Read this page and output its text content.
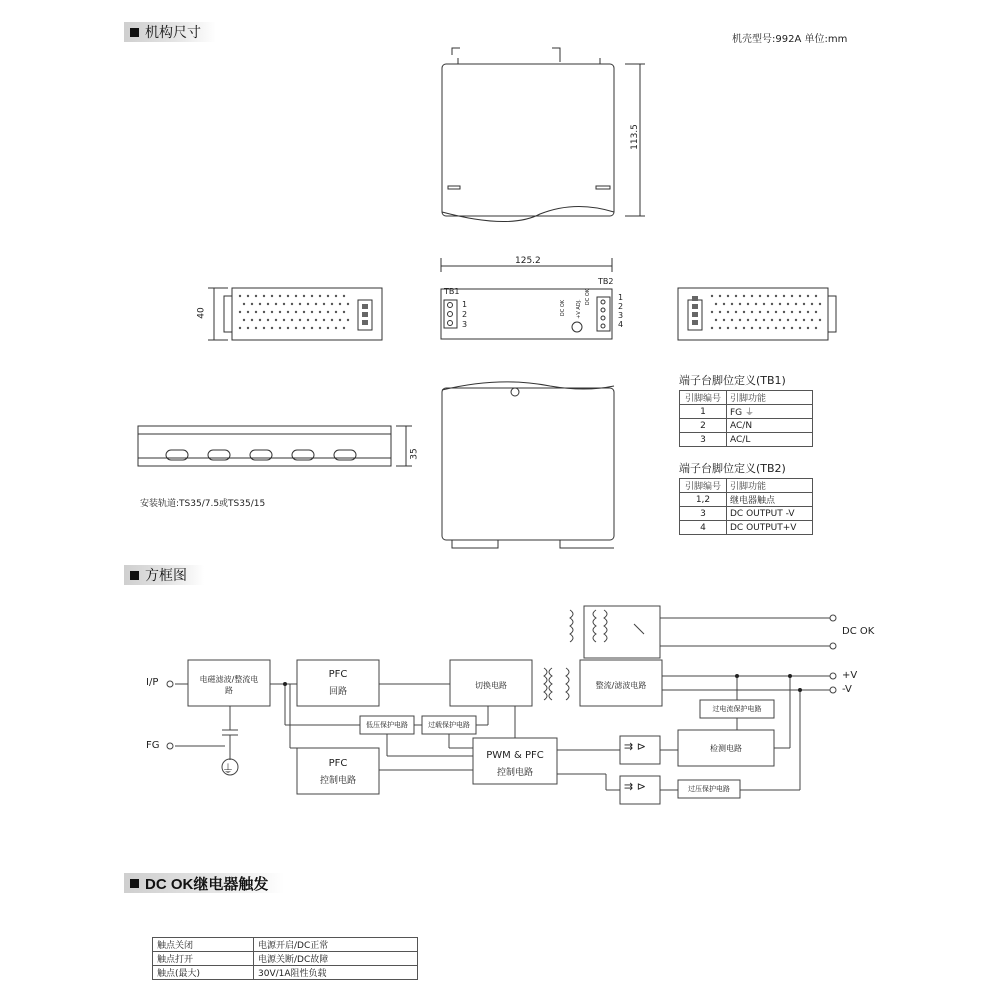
机构尺寸	机壳型号:992A 单位:mm
方框图
DC OK继电器触发
113.5
125.2
40
35
TB1
TB2
1
2
3
1
2
3
4
DC OK +V ADJ.
DC OK
安装轨道:TS35/7.5或TS35/15
端子台脚位定义(TB1)
引脚编号	引脚功能
1	FG ⏚
2	AC/N
3	AC/L
端子台脚位定义(TB2)
引脚编号	引脚功能
1,2	继电器触点
3	DC OUTPUT -V
4	DC OUTPUT+V
I/P
FG
电磁滤波/整流电路
PFC
回路
切换电路	整流/滤波电路
PFC
控制电路
PWM & PFC
控制电路
低压保护电路	过载保护电路
过电流保护电路
检测电路
过压保护电路
DC OK
+V
-V
⇉ ⊳
⇉ ⊳
⏚
触点关闭	电源开启/DC正常
触点打开	电源关断/DC故障
触点(最大)	30V/1A阻性负载
